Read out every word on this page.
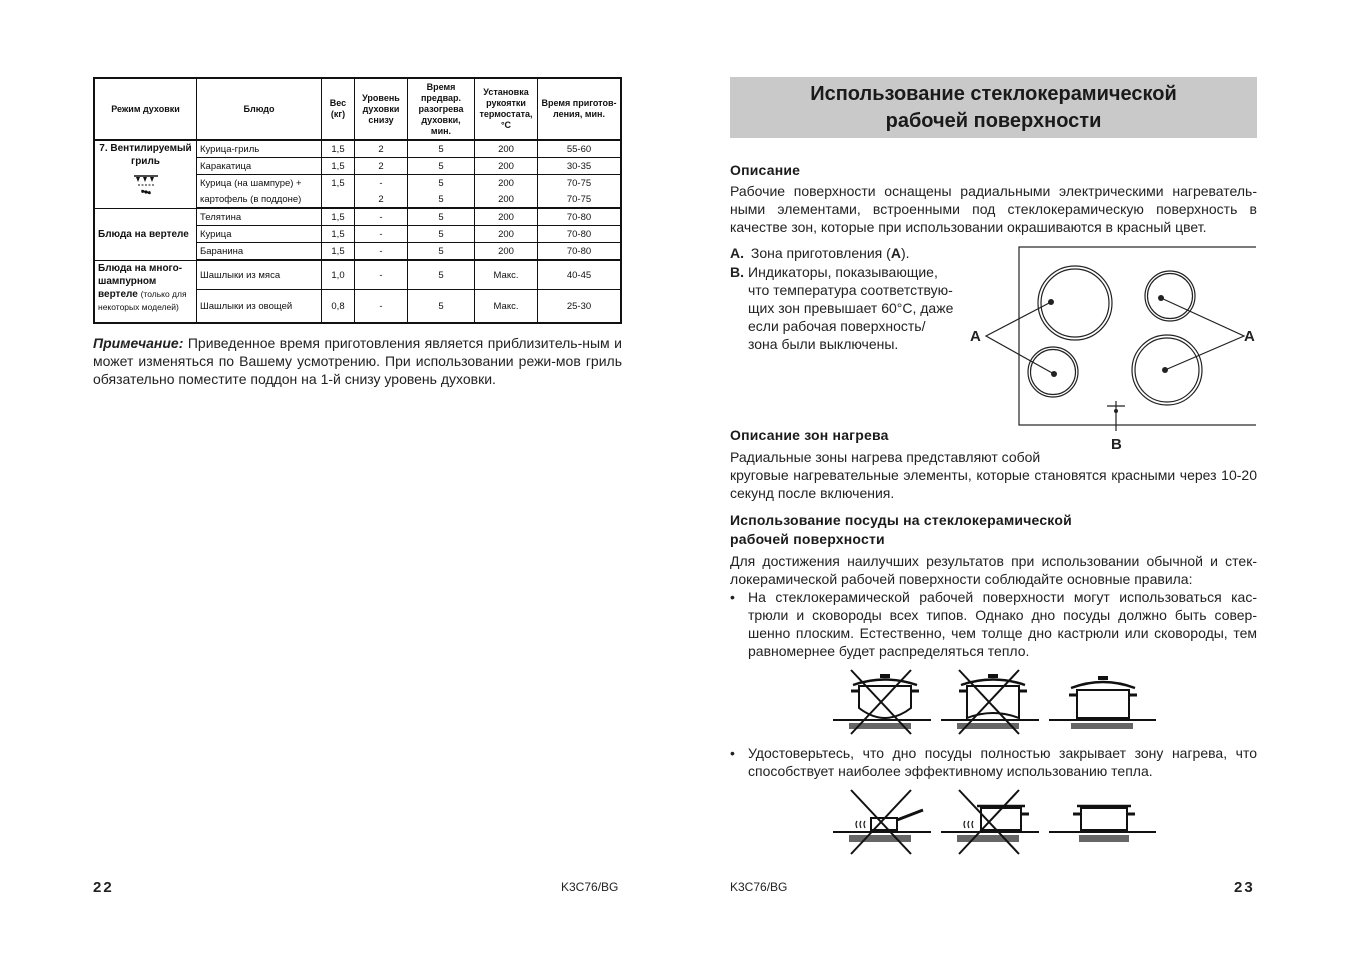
Режим духовки	Блюдо	Вес (кг)	Уровень духовки снизу	Время предвар. разогрева духовки, мин.	Установка рукоятки термостата, °С	Время приготов-ления, мин.

7. Вентилируемый гриль	Курица-гриль	1,5	2	5	200	55-60
	Каракатица	1,5	2	5	200	30-35
	Курица (на шампуре) +	1,5	-	5	200	70-75
	картофель (в поддоне)		2	5	200	70-75
Блюда на вертеле	Телятина	1,5	-	5	200	70-80
	Курица	1,5	-	5	200	70-80
	Баранина	1,5	-	5	200	70-80
Блюда на много-шампурном вертеле (только для некоторых моделей)	Шашлыки из мяса	1,0	-	5	Макс.	40-45
	Шашлыки из овощей	0,8	-	5	Макс.	25-30
Примечание: Приведенное время приготовления является приблизитель-ным и может изменяться по Вашему усмотрению. При использовании режи-мов гриль обязательно поместите поддон на 1-й снизу уровень духовки.
22	K3C76/BG
Использование стеклокерамической
рабочей поверхности
Описание
Рабочие поверхности оснащены радиальными электрическими нагреватель-ными элементами, встроенными под стеклокерамическую поверхность в качестве зон, которые при использовании окрашиваются в красный цвет.
A. Зона приготовления (A).
B. Индикаторы, показывающие,
что температура соответствую-
щих зон превышает 60°С, даже
если рабочая поверхность/
зона были выключены.	A	A
B
Описание зон нагрева
Радиальные зоны нагрева представляют собой
круговые нагревательные элементы, которые становятся красными через 10-20 секунд после включения.
Использование посуды на стеклокерамической
рабочей поверхности
Для достижения наилучших результатов при использовании обычной и стек-локерамической рабочей поверхности соблюдайте основные правила:
• На стеклокерамической рабочей поверхности могут использоваться кас-трюли и сковороды всех типов. Однако дно посуды должно быть совер-шенно плоским. Естественно, чем толще дно кастрюли или сковороды, тем равномернее будет распределяться тепло.
• Удостоверьтесь, что дно посуды полностью закрывает зону нагрева, что способствует наиболее эффективному использованию тепла.
K3C76/BG	23
